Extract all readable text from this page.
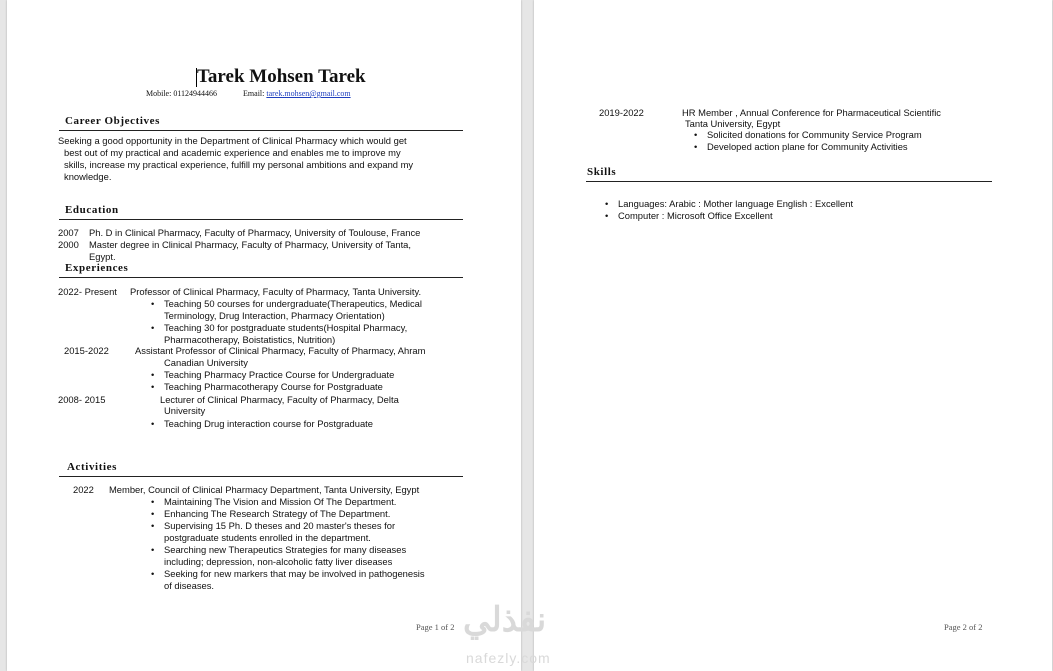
Tarek Mohsen Tarek
Mobile: 01124944466	Email: tarek.mohsen@gmail.com
Career Objectives
Seeking a good opportunity in the Department of Clinical Pharmacy which would get
best out of my practical and academic experience and enables me to improve my
skills, increase my practical experience, fulfill my personal ambitions and expand my
knowledge.
Education
2007 Ph. D in Clinical Pharmacy, Faculty of Pharmacy, University of Toulouse, France
2000 Master degree in Clinical Pharmacy, Faculty of Pharmacy, University of Tanta,
Egypt.
Experiences
2022- Present Professor of Clinical Pharmacy, Faculty of Pharmacy, Tanta University.
• Teaching 50 courses for undergraduate(Therapeutics, Medical
Terminology, Drug Interaction, Pharmacy Orientation)
• Teaching 30 for postgraduate students(Hospital Pharmacy,
Pharmacotherapy, Boistatistics, Nutrition)
2015-2022	Assistant Professor of Clinical Pharmacy, Faculty of Pharmacy, Ahram
Canadian University
• Teaching Pharmacy Practice Course for Undergraduate
• Teaching Pharmacotherapy Course for Postgraduate
2008- 2015	Lecturer of Clinical Pharmacy, Faculty of Pharmacy, Delta
University
• Teaching Drug interaction course for Postgraduate
Activities
2022 Member, Council of Clinical Pharmacy Department, Tanta University, Egypt
• Maintaining The Vision and Mission Of The Department.
• Enhancing The Research Strategy of The Department.
• Supervising 15 Ph. D theses and 20 master's theses for
postgraduate students enrolled in the department.
• Searching new Therapeutics Strategies for many diseases
including; depression, non-alcoholic fatty liver diseases
• Seeking for new markers that may be involved in pathogenesis
of diseases.
Page 1 of 2
2019-2022	HR Member , Annual Conference for Pharmaceutical Scientific
Tanta University, Egypt
• Solicited donations for Community Service Program
• Developed action plane for Community Activities
Skills
• Languages: Arabic : Mother language English : Excellent
• Computer : Microsoft Office Excellent
Page 2 of 2
نفذلي
nafezly.com
